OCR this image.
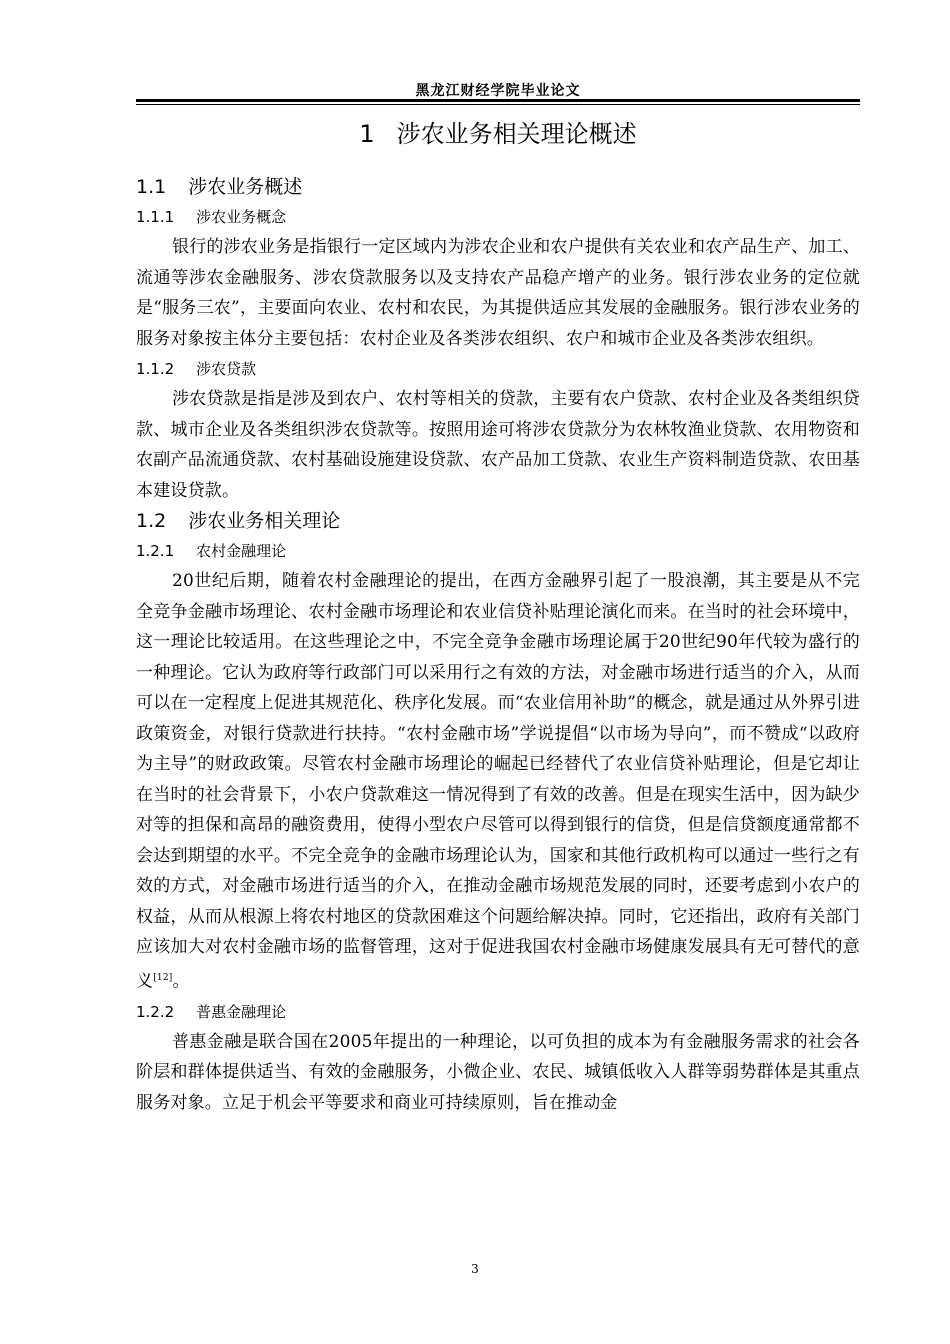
黑龙江财经学院毕业论文
1 涉农业务相关理论概述
1.1 涉农业务概述
1.1.1 涉农业务概念

银行的涉农业务是指银行一定区域内为涉农企业和农户提供有关农业和农产品生产、加工、流通等涉农金融服务、涉农贷款服务以及支持农产品稳产增产的业务。银行涉农业务的定位就是“服务三农”，主要面向农业、农村和农民，为其提供适应其发展的金融服务。银行涉农业务的服务对象按主体分主要包括：农村企业及各类涉农组织、农户和城市企业及各类涉农组织。

1.1.2 涉农贷款

涉农贷款是指是涉及到农户、农村等相关的贷款，主要有农户贷款、农村企业及各类组织贷款、城市企业及各类组织涉农贷款等。按照用途可将涉农贷款分为农林牧渔业贷款、农用物资和农副产品流通贷款、农村基础设施建设贷款、农产品加工贷款、农业生产资料制造贷款、农田基本建设贷款。

1.2 涉农业务相关理论
1.2.1 农村金融理论

20世纪后期，随着农村金融理论的提出，在西方金融界引起了一股浪潮，其主要是从不完全竞争金融市场理论、农村金融市场理论和农业信贷补贴理论演化而来。在当时的社会环境中，这一理论比较适用。在这些理论之中，不完全竞争金融市场理论属于20世纪90年代较为盛行的一种理论。它认为政府等行政部门可以采用行之有效的方法，对金融市场进行适当的介入，从而可以在一定程度上促进其规范化、秩序化发展。而“农业信用补助”的概念，就是通过从外界引进政策资金，对银行贷款进行扶持。“农村金融市场”学说提倡“以市场为导向”，而不赞成“以政府为主导”的财政政策。尽管农村金融市场理论的崛起已经替代了农业信贷补贴理论，但是它却让在当时的社会背景下，小农户贷款难这一情况得到了有效的改善。但是在现实生活中，因为缺少对等的担保和高昂的融资费用，使得小型农户尽管可以得到银行的信贷，但是信贷额度通常都不会达到期望的水平。不完全竞争的金融市场理论认为，国家和其他行政机构可以通过一些行之有效的方式，对金融市场进行适当的介入，在推动金融市场规范发展的同时，还要考虑到小农户的权益，从而从根源上将农村地区的贷款困难这个问题给解决掉。同时，它还指出，政府有关部门应该加大对农村金融市场的监督管理，这对于促进我国农村金融市场健康发展具有无可替代的意义[12]。

1.2.2 普惠金融理论

普惠金融是联合国在2005年提出的一种理论，以可负担的成本为有金融服务需求的社会各阶层和群体提供适当、有效的金融服务，小微企业、农民、城镇低收入人群等弱势群体是其重点服务对象。立足于机会平等要求和商业可持续原则，旨在推动金

3
